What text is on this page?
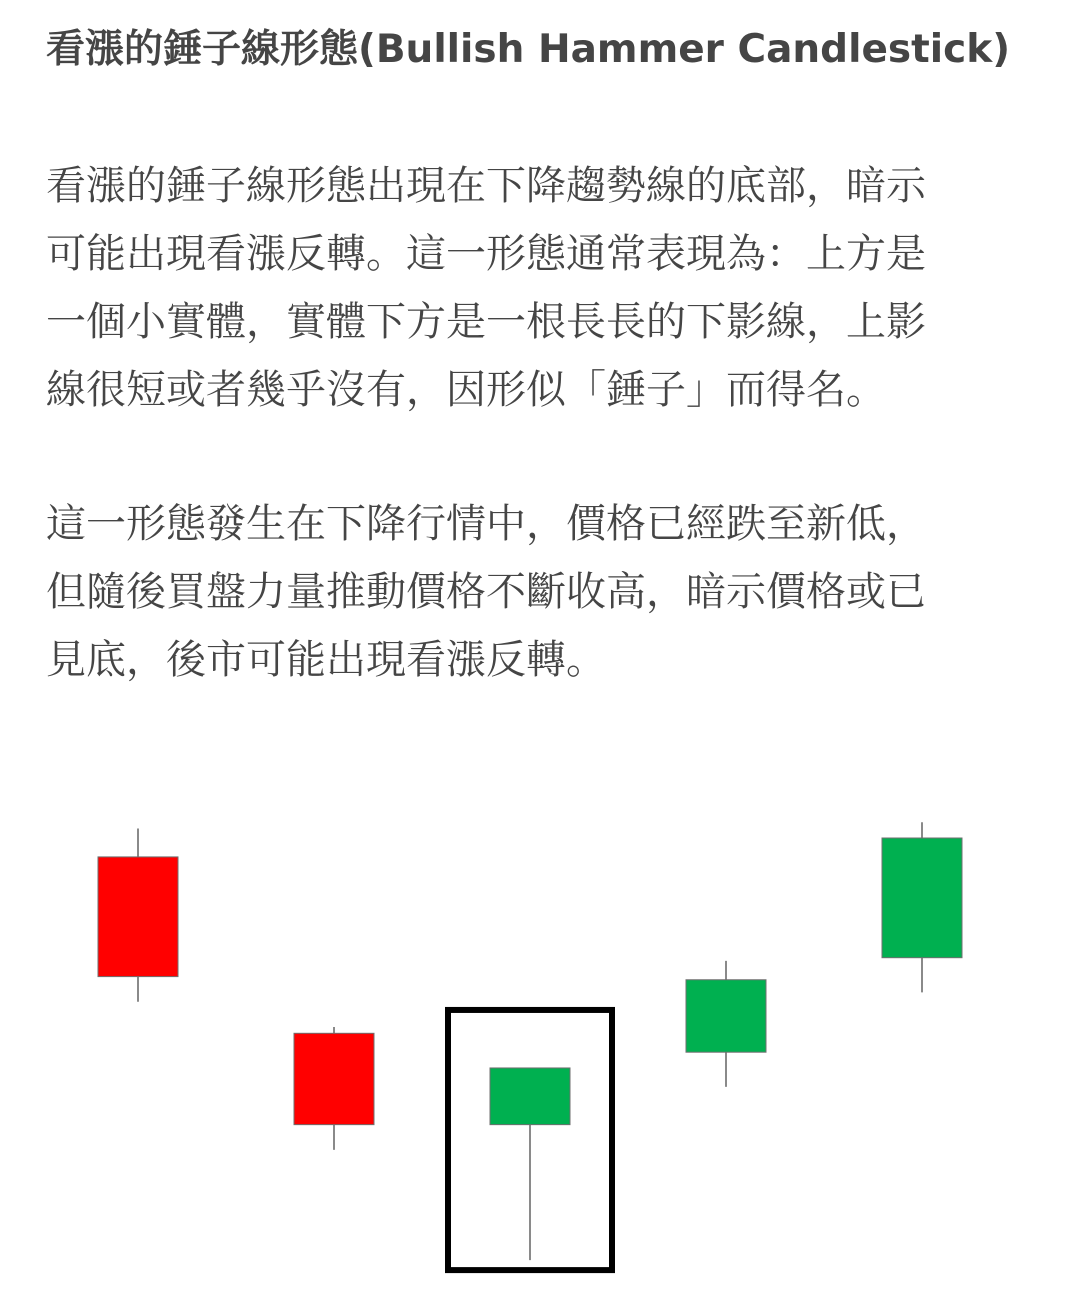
看漲的錘子線形態(Bullish Hammer Candlestick)

看漲的錘子線形態出現在下降趨勢線的底部，暗示
可能出現看漲反轉。這一形態通常表現為：上方是
一個小實體，實體下方是一根長長的下影線，上影
線很短或者幾乎沒有，因形似「錘子」而得名。

這一形態發生在下降行情中，價格已經跌至新低，
但隨後買盤力量推動價格不斷收高，暗示價格或已
見底，後市可能出現看漲反轉。
